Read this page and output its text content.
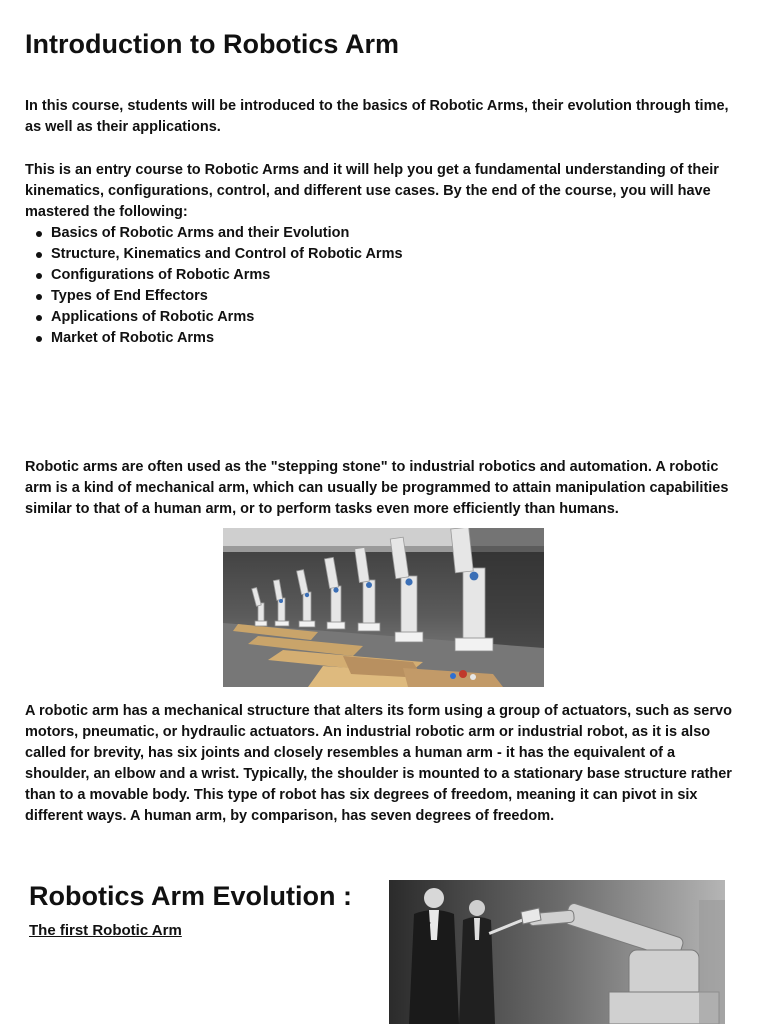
Introduction to Robotics Arm

In this course, students will be introduced to the basics of Robotic Arms, their evolution through time, as well as their applications.

This is an entry course to Robotic Arms and it will help you get a fundamental understanding of their kinematics, configurations, control, and different use cases. By the end of the course, you will have mastered the following:

Basics of Robotic Arms and their Evolution
Structure, Kinematics and Control of Robotic Arms
Configurations of Robotic Arms
Types of End Effectors
Applications of Robotic Arms
Market of Robotic Arms

Robotic arms are often used as the "stepping stone" to industrial robotics and automation. A robotic arm is a kind of mechanical arm, which can usually be programmed to attain manipulation capabilities similar to that of a human arm, or to perform tasks even more efficiently than humans.

A robotic arm has a mechanical structure that alters its form using a group of actuators, such as servo motors, pneumatic, or hydraulic actuators. An industrial robotic arm or industrial robot, as it is also called for brevity, has six joints and closely resembles a human arm - it has the equivalent of a shoulder, an elbow and a wrist. Typically, the shoulder is mounted to a stationary base structure rather than to a movable body. This type of robot has six degrees of freedom, meaning it can pivot in six different ways. A human arm, by comparison, has seven degrees of freedom.

Robotics Arm Evolution :
The first Robotic Arm
